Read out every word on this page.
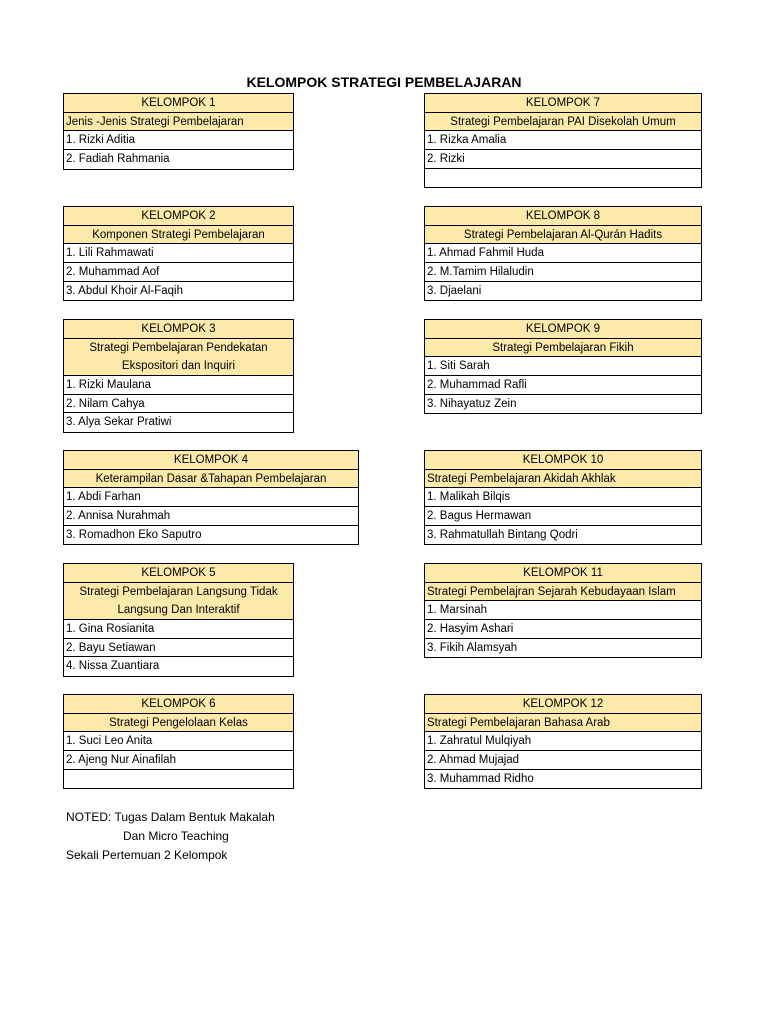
KELOMPOK STRATEGI PEMBELAJARAN
KELOMPOK 1
Jenis -Jenis Strategi Pembelajaran
1. Rizki Aditia
2. Fadiah Rahmania
KELOMPOK 2
Komponen Strategi Pembelajaran
1. Lili Rahmawati
2. Muhammad Aof
3. Abdul Khoir Al-Faqih
KELOMPOK 3
Strategi Pembelajaran Pendekatan Ekspositori dan Inquiri
1. Rizki Maulana
2. Nilam Cahya
3. Alya Sekar Pratiwi
KELOMPOK 4
Keterampilan Dasar &Tahapan Pembelajaran
1. Abdi Farhan
2. Annisa Nurahmah
3. Romadhon Eko Saputro
KELOMPOK 5
Strategi Pembelajaran Langsung Tidak Langsung Dan Interaktif
1. Gina Rosianita
2. Bayu Setiawan
4. Nissa Zuantiara
KELOMPOK 6
Strategi Pengelolaan Kelas
1. Suci Leo Anita
2. Ajeng Nur Ainafilah
KELOMPOK 7
Strategi Pembelajaran PAI Disekolah Umum
1. Rizka Amalia
2. Rizki
KELOMPOK 8
Strategi Pembelajaran Al-Qurán Hadits
1. Ahmad Fahmil Huda
2. M.Tamim Hilaludin
3. Djaelani
KELOMPOK 9
Strategi Pembelajaran Fikih
1. Siti Sarah
2. Muhammad Rafli
3. Nihayatuz Zein
KELOMPOK 10
Strategi Pembelajaran Akidah Akhlak
1. Malikah Bilqis
2. Bagus Hermawan
3. Rahmatullah Bintang Qodri
KELOMPOK 11
Strategi Pembelajran Sejarah Kebudayaan Islam
1. Marsinah
2. Hasyim Ashari
3. Fikih Alamsyah
KELOMPOK 12
Strategi Pembelajaran Bahasa Arab
1. Zahratul Mulqiyah
2. Ahmad Mujajad
3. Muhammad Ridho
NOTED: Tugas Dalam Bentuk Makalah
Dan Micro Teaching
Sekali Pertemuan 2 Kelompok
